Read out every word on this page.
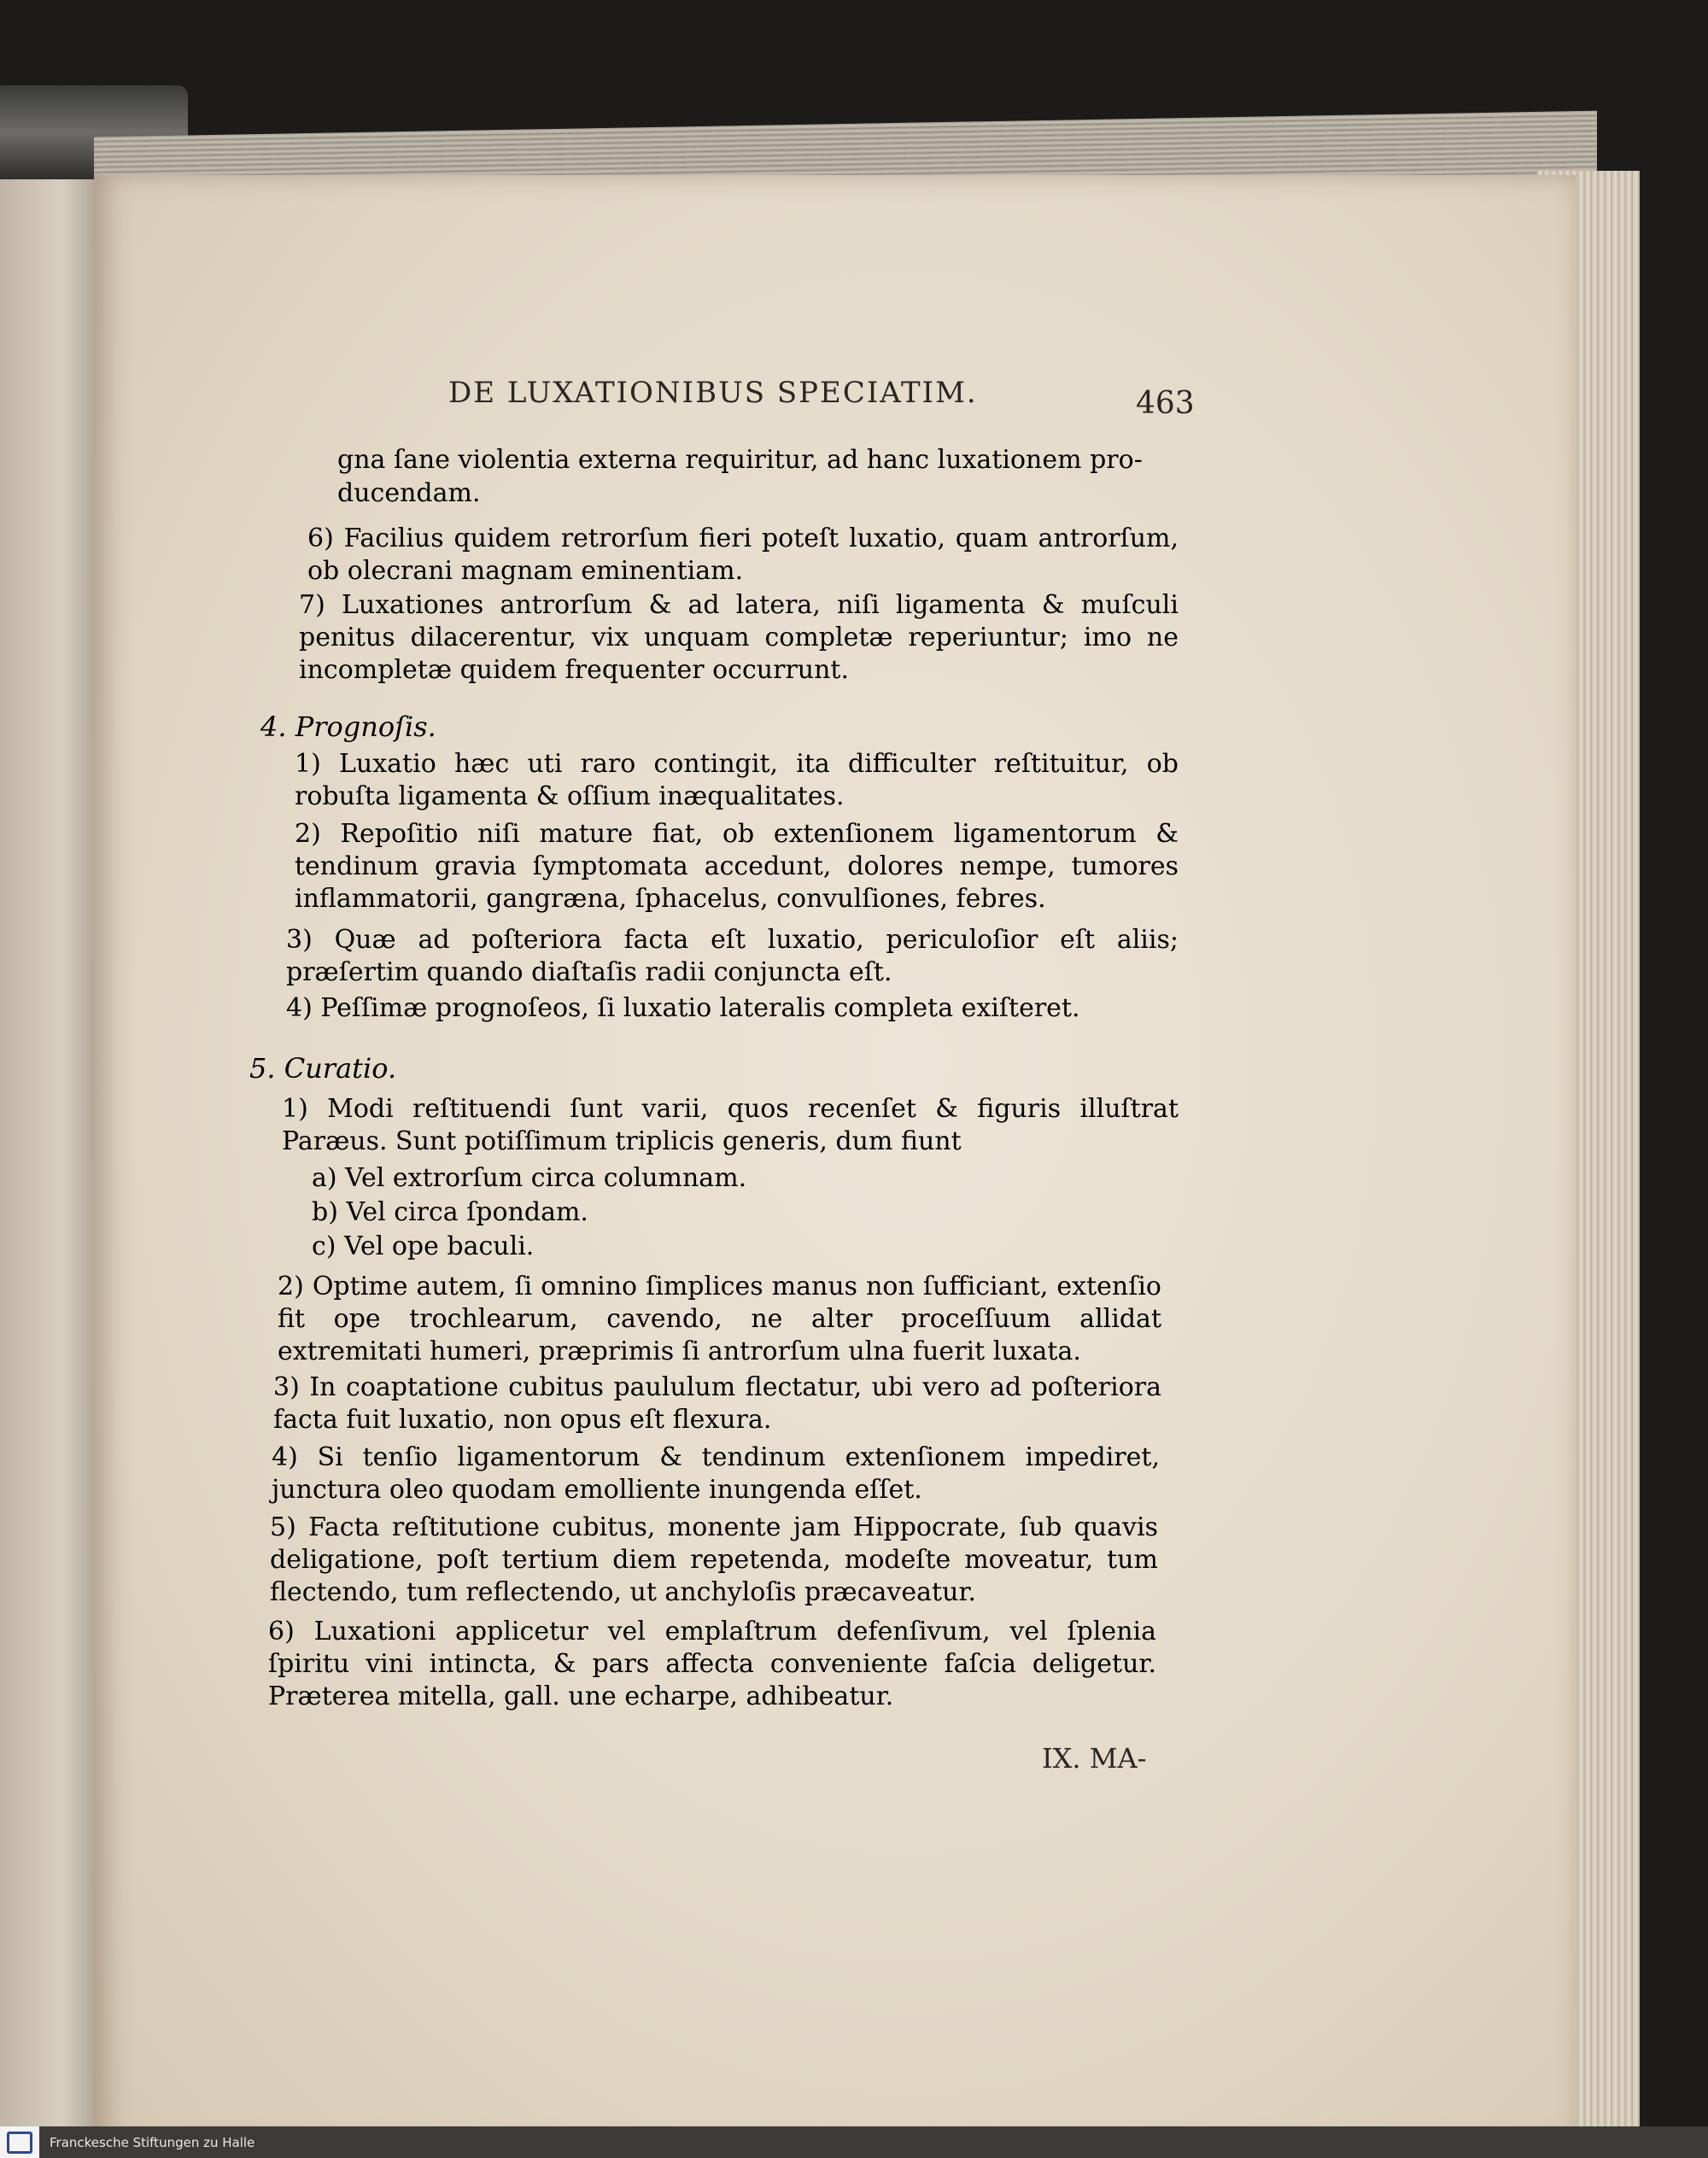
DE LUXATIONIBUS SPECIATIM.	463

gna ſane violentia externa requiritur, ad hanc luxationem pro-

ducendam.

6) Facilius quidem retrorſum fieri poteſt luxatio, quam antrorſum, ob olecrani magnam eminentiam.

7) Luxationes antrorſum & ad latera, niſi ligamenta & muſculi penitus dilacerentur, vix unquam completæ reperiuntur; imo ne incompletæ quidem frequenter occurrunt.

4. Prognoſis.

1) Luxatio hæc uti raro contingit, ita difficulter reſtituitur, ob robuſta ligamenta & oſſium inæqualitates.

2) Repoſitio niſi mature fiat, ob extenſionem ligamentorum & tendinum gravia ſymptomata accedunt, dolores nempe, tumores inflammatorii, gangræna, ſphacelus, convulſiones, febres.

3) Quæ ad poſteriora facta eſt luxatio, periculoſior eſt aliis; præſertim quando diaſtaſis radii conjuncta eſt.

4) Peſſimæ prognoſeos, ſi luxatio lateralis completa exiſteret.

5. Curatio.

1) Modi reſtituendi ſunt varii, quos recenſet & figuris illuſtrat Paræus. Sunt potiſſimum triplicis generis, dum fiunt

a) Vel extrorſum circa columnam.

b) Vel circa ſpondam.

c) Vel ope baculi.

2) Optime autem, ſi omnino ſimplices manus non ſufficiant, extenſio fit ope trochlearum, cavendo, ne alter proceſſuum allidat extremitati humeri, præprimis ſi antrorſum ulna fuerit luxata.

3) In coaptatione cubitus paululum flectatur, ubi vero ad poſteriora facta fuit luxatio, non opus eſt flexura.

4) Si tenſio ligamentorum & tendinum extenſionem impediret, junctura oleo quodam emolliente inungenda eſſet.

5) Facta reſtitutione cubitus, monente jam Hippocrate, ſub quavis deligatione, poſt tertium diem repetenda, modeſte moveatur, tum flectendo, tum reflectendo, ut anchyloſis præcaveatur.

6) Luxationi applicetur vel emplaſtrum defenſivum, vel ſplenia ſpiritu vini intincta, & pars affecta conveniente faſcia deligetur. Præterea mitella, gall. une echarpe, adhibeatur.

IX. MA-
Franckesche Stiftungen zu Halle
